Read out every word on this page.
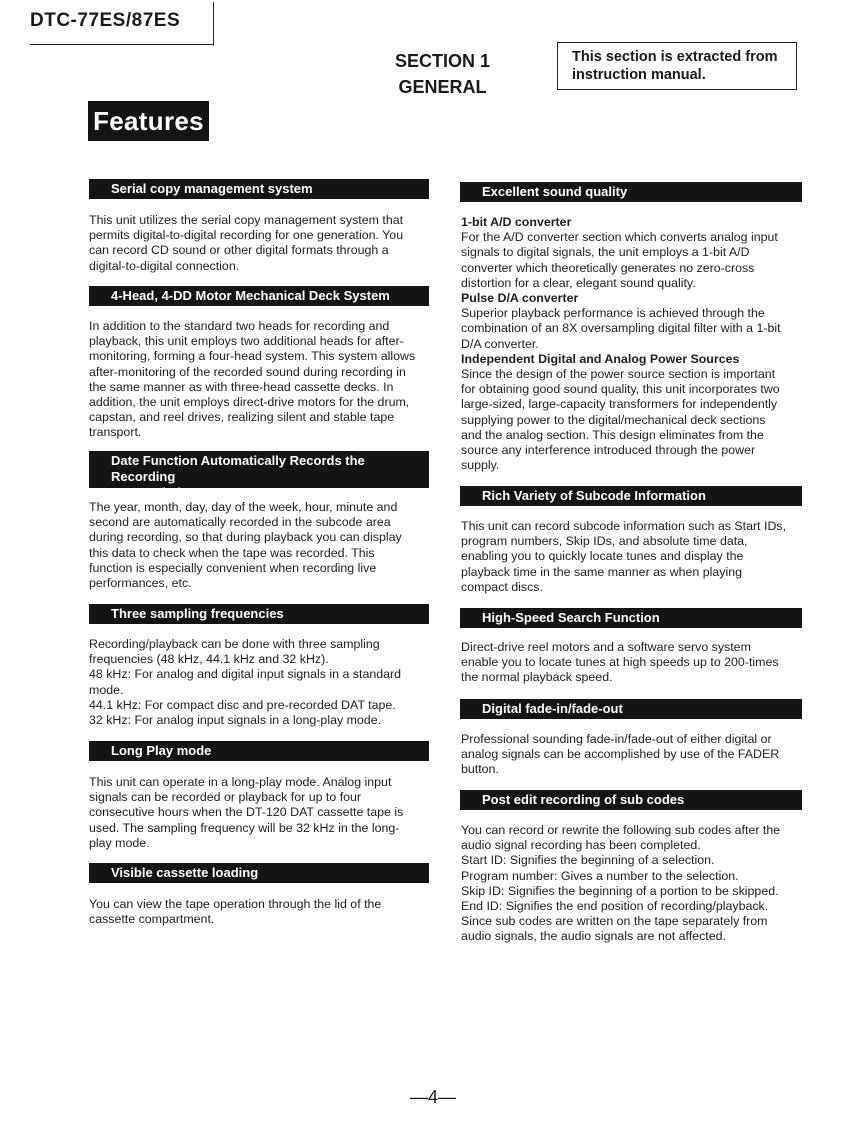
DTC-77ES/87ES
SECTION 1
GENERAL
This section is extracted from
instruction manual.
Features
Serial copy management system

This unit utilizes the serial copy management system that

permits digital-to-digital recording for one generation. You

can record CD sound or other digital formats through a

digital-to-digital connection.

4-Head, 4-DD Motor Mechanical Deck System

In addition to the standard two heads for recording and

playback, this unit employs two additional heads for after-

monitoring, forming a four-head system. This system allows

after-monitoring of the recorded sound during recording in

the same manner as with three-head cassette decks. In

addition, the unit employs direct-drive motors for the drum,

capstan, and reel drives, realizing silent and stable tape

transport.

Date Function Automatically Records the Recording
Date and Time

The year, month, day, day of the week, hour, minute and

second are automatically recorded in the subcode area

during recording, so that during playback you can display

this data to check when the tape was recorded. This

function is especially convenient when recording live

performances, etc.

Three sampling frequencies

Recording/playback can be done with three sampling

frequencies (48 kHz, 44.1 kHz and 32 kHz).

48 kHz: For analog and digital input signals in a standard

mode.

44.1 kHz: For compact disc and pre-recorded DAT tape.

32 kHz: For analog input signals in a long-play mode.

Long Play mode

This unit can operate in a long-play mode. Analog input

signals can be recorded or playback for up to four

consecutive hours when the DT-120 DAT cassette tape is

used. The sampling frequency will be 32 kHz in the long-

play mode.

Visible cassette loading

You can view the tape operation through the lid of the

cassette compartment.

Excellent sound quality

1-bit A/D converter

For the A/D converter section which converts analog input

signals to digital signals, the unit employs a 1-bit A/D

converter which theoretically generates no zero-cross

distortion for a clear, elegant sound quality.

Pulse D/A converter

Superior playback performance is achieved through the

combination of an 8X oversampling digital filter with a 1-bit

D/A converter.

Independent Digital and Analog Power Sources

Since the design of the power source section is important

for obtaining good sound quality, this unit incorporates two

large-sized, large-capacity transformers for independently

supplying power to the digital/mechanical deck sections

and the analog section. This design eliminates from the

source any interference introduced through the power

supply.

Rich Variety of Subcode Information

This unit can record subcode information such as Start IDs,

program numbers, Skip IDs, and absolute time data,

enabling you to quickly locate tunes and display the

playback time in the same manner as when playing

compact discs.

High-Speed Search Function

Direct-drive reel motors and a software servo system

enable you to locate tunes at high speeds up to 200-times

the normal playback speed.

Digital fade-in/fade-out

Professional sounding fade-in/fade-out of either digital or

analog signals can be accomplished by use of the FADER

button.

Post edit recording of sub codes

You can record or rewrite the following sub codes after the

audio signal recording has been completed.

Start ID: Signifies the beginning of a selection.

Program number: Gives a number to the selection.

Skip ID: Signifies the beginning of a portion to be skipped.

End ID: Signifies the end position of recording/playback.

Since sub codes are written on the tape separately from

audio signals, the audio signals are not affected.

—4—
